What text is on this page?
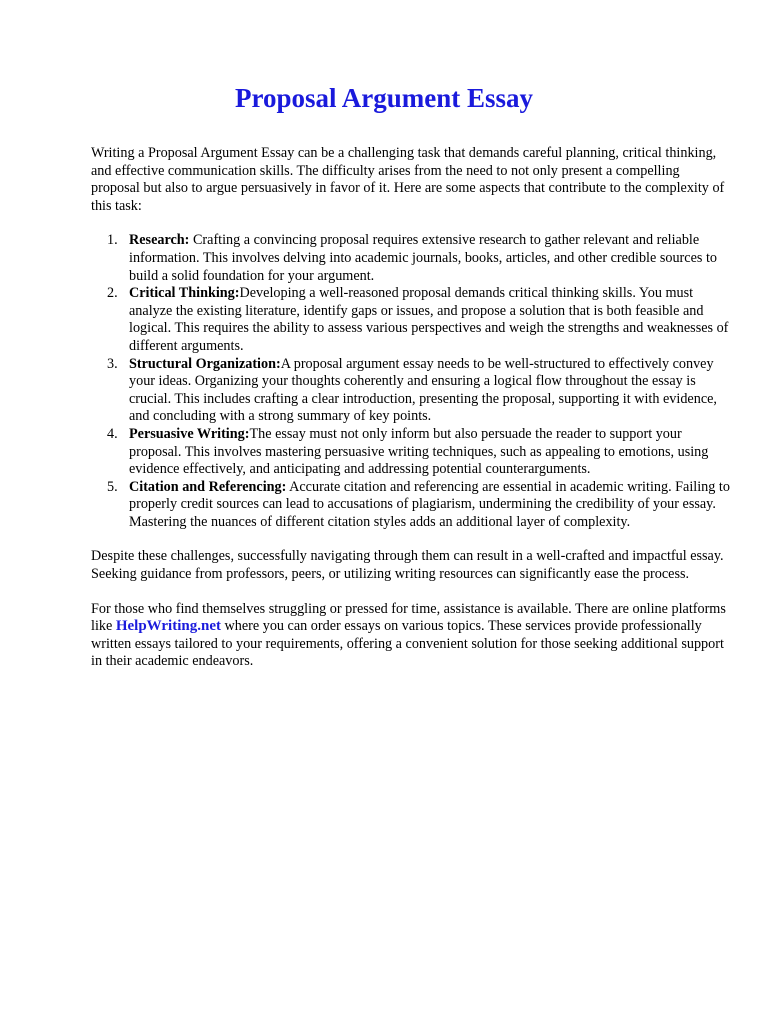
Proposal Argument Essay

Writing a Proposal Argument Essay can be a challenging task that demands careful planning, critical thinking, and effective communication skills. The difficulty arises from the need to not only present a compelling proposal but also to argue persuasively in favor of it. Here are some aspects that contribute to the complexity of this task:

1. Research: Crafting a convincing proposal requires extensive research to gather relevant and reliable information. This involves delving into academic journals, books, articles, and other credible sources to build a solid foundation for your argument.
2. Critical Thinking:Developing a well-reasoned proposal demands critical thinking skills. You must analyze the existing literature, identify gaps or issues, and propose a solution that is both feasible and logical. This requires the ability to assess various perspectives and weigh the strengths and weaknesses of different arguments.
3. Structural Organization:A proposal argument essay needs to be well-structured to effectively convey your ideas. Organizing your thoughts coherently and ensuring a logical flow throughout the essay is crucial. This includes crafting a clear introduction, presenting the proposal, supporting it with evidence, and concluding with a strong summary of key points.
4. Persuasive Writing:The essay must not only inform but also persuade the reader to support your proposal. This involves mastering persuasive writing techniques, such as appealing to emotions, using evidence effectively, and anticipating and addressing potential counterarguments.
5. Citation and Referencing: Accurate citation and referencing are essential in academic writing. Failing to properly credit sources can lead to accusations of plagiarism, undermining the credibility of your essay. Mastering the nuances of different citation styles adds an additional layer of complexity.

Despite these challenges, successfully navigating through them can result in a well-crafted and impactful essay. Seeking guidance from professors, peers, or utilizing writing resources can significantly ease the process.

For those who find themselves struggling or pressed for time, assistance is available. There are online platforms like HelpWriting.net where you can order essays on various topics. These services provide professionally written essays tailored to your requirements, offering a convenient solution for those seeking additional support in their academic endeavors.
